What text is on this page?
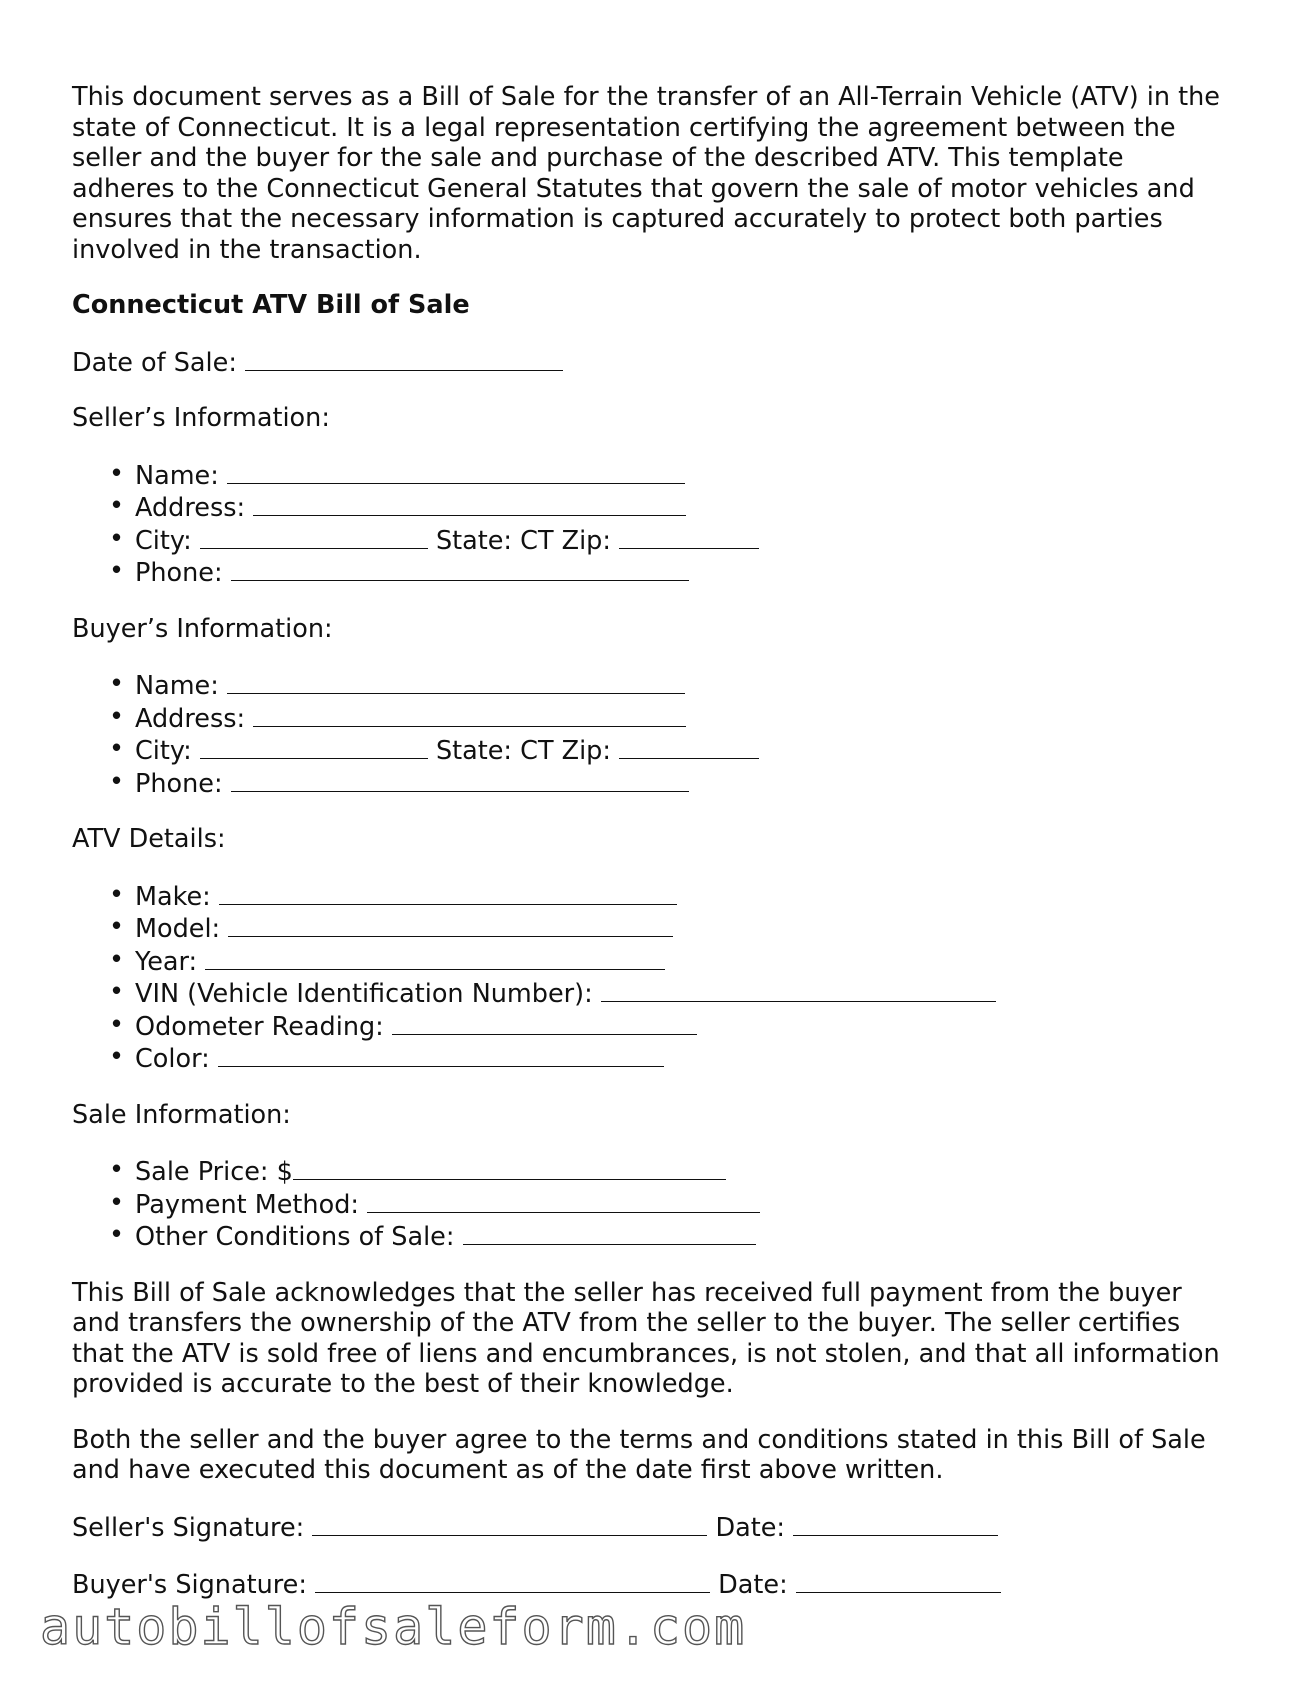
This document serves as a Bill of Sale for the transfer of an All-Terrain Vehicle (ATV) in the state of Connecticut. It is a legal representation certifying the agreement between the seller and the buyer for the sale and purchase of the described ATV. This template adheres to the Connecticut General Statutes that govern the sale of motor vehicles and ensures that the necessary information is captured accurately to protect both parties involved in the transaction.

Connecticut ATV Bill of Sale

Date of Sale:

Seller’s Information:

• Name:
• Address:
• City:	State: CT Zip:
• Phone:

Buyer’s Information:

• Name:
• Address:
• City:	State: CT Zip:
• Phone:

ATV Details:

• Make:
• Model:
• Year:
• VIN (Vehicle Identification Number):
• Odometer Reading:
• Color:

Sale Information:

• Sale Price: $
• Payment Method:
• Other Conditions of Sale:

This Bill of Sale acknowledges that the seller has received full payment from the buyer and transfers the ownership of the ATV from the seller to the buyer. The seller certifies that the ATV is sold free of liens and encumbrances, is not stolen, and that all information provided is accurate to the best of their knowledge.

Both the seller and the buyer agree to the terms and conditions stated in this Bill of Sale and have executed this document as of the date first above written.

Seller's Signature:	Date:

Buyer's Signature:	Date:

autobillofsaleform.com
